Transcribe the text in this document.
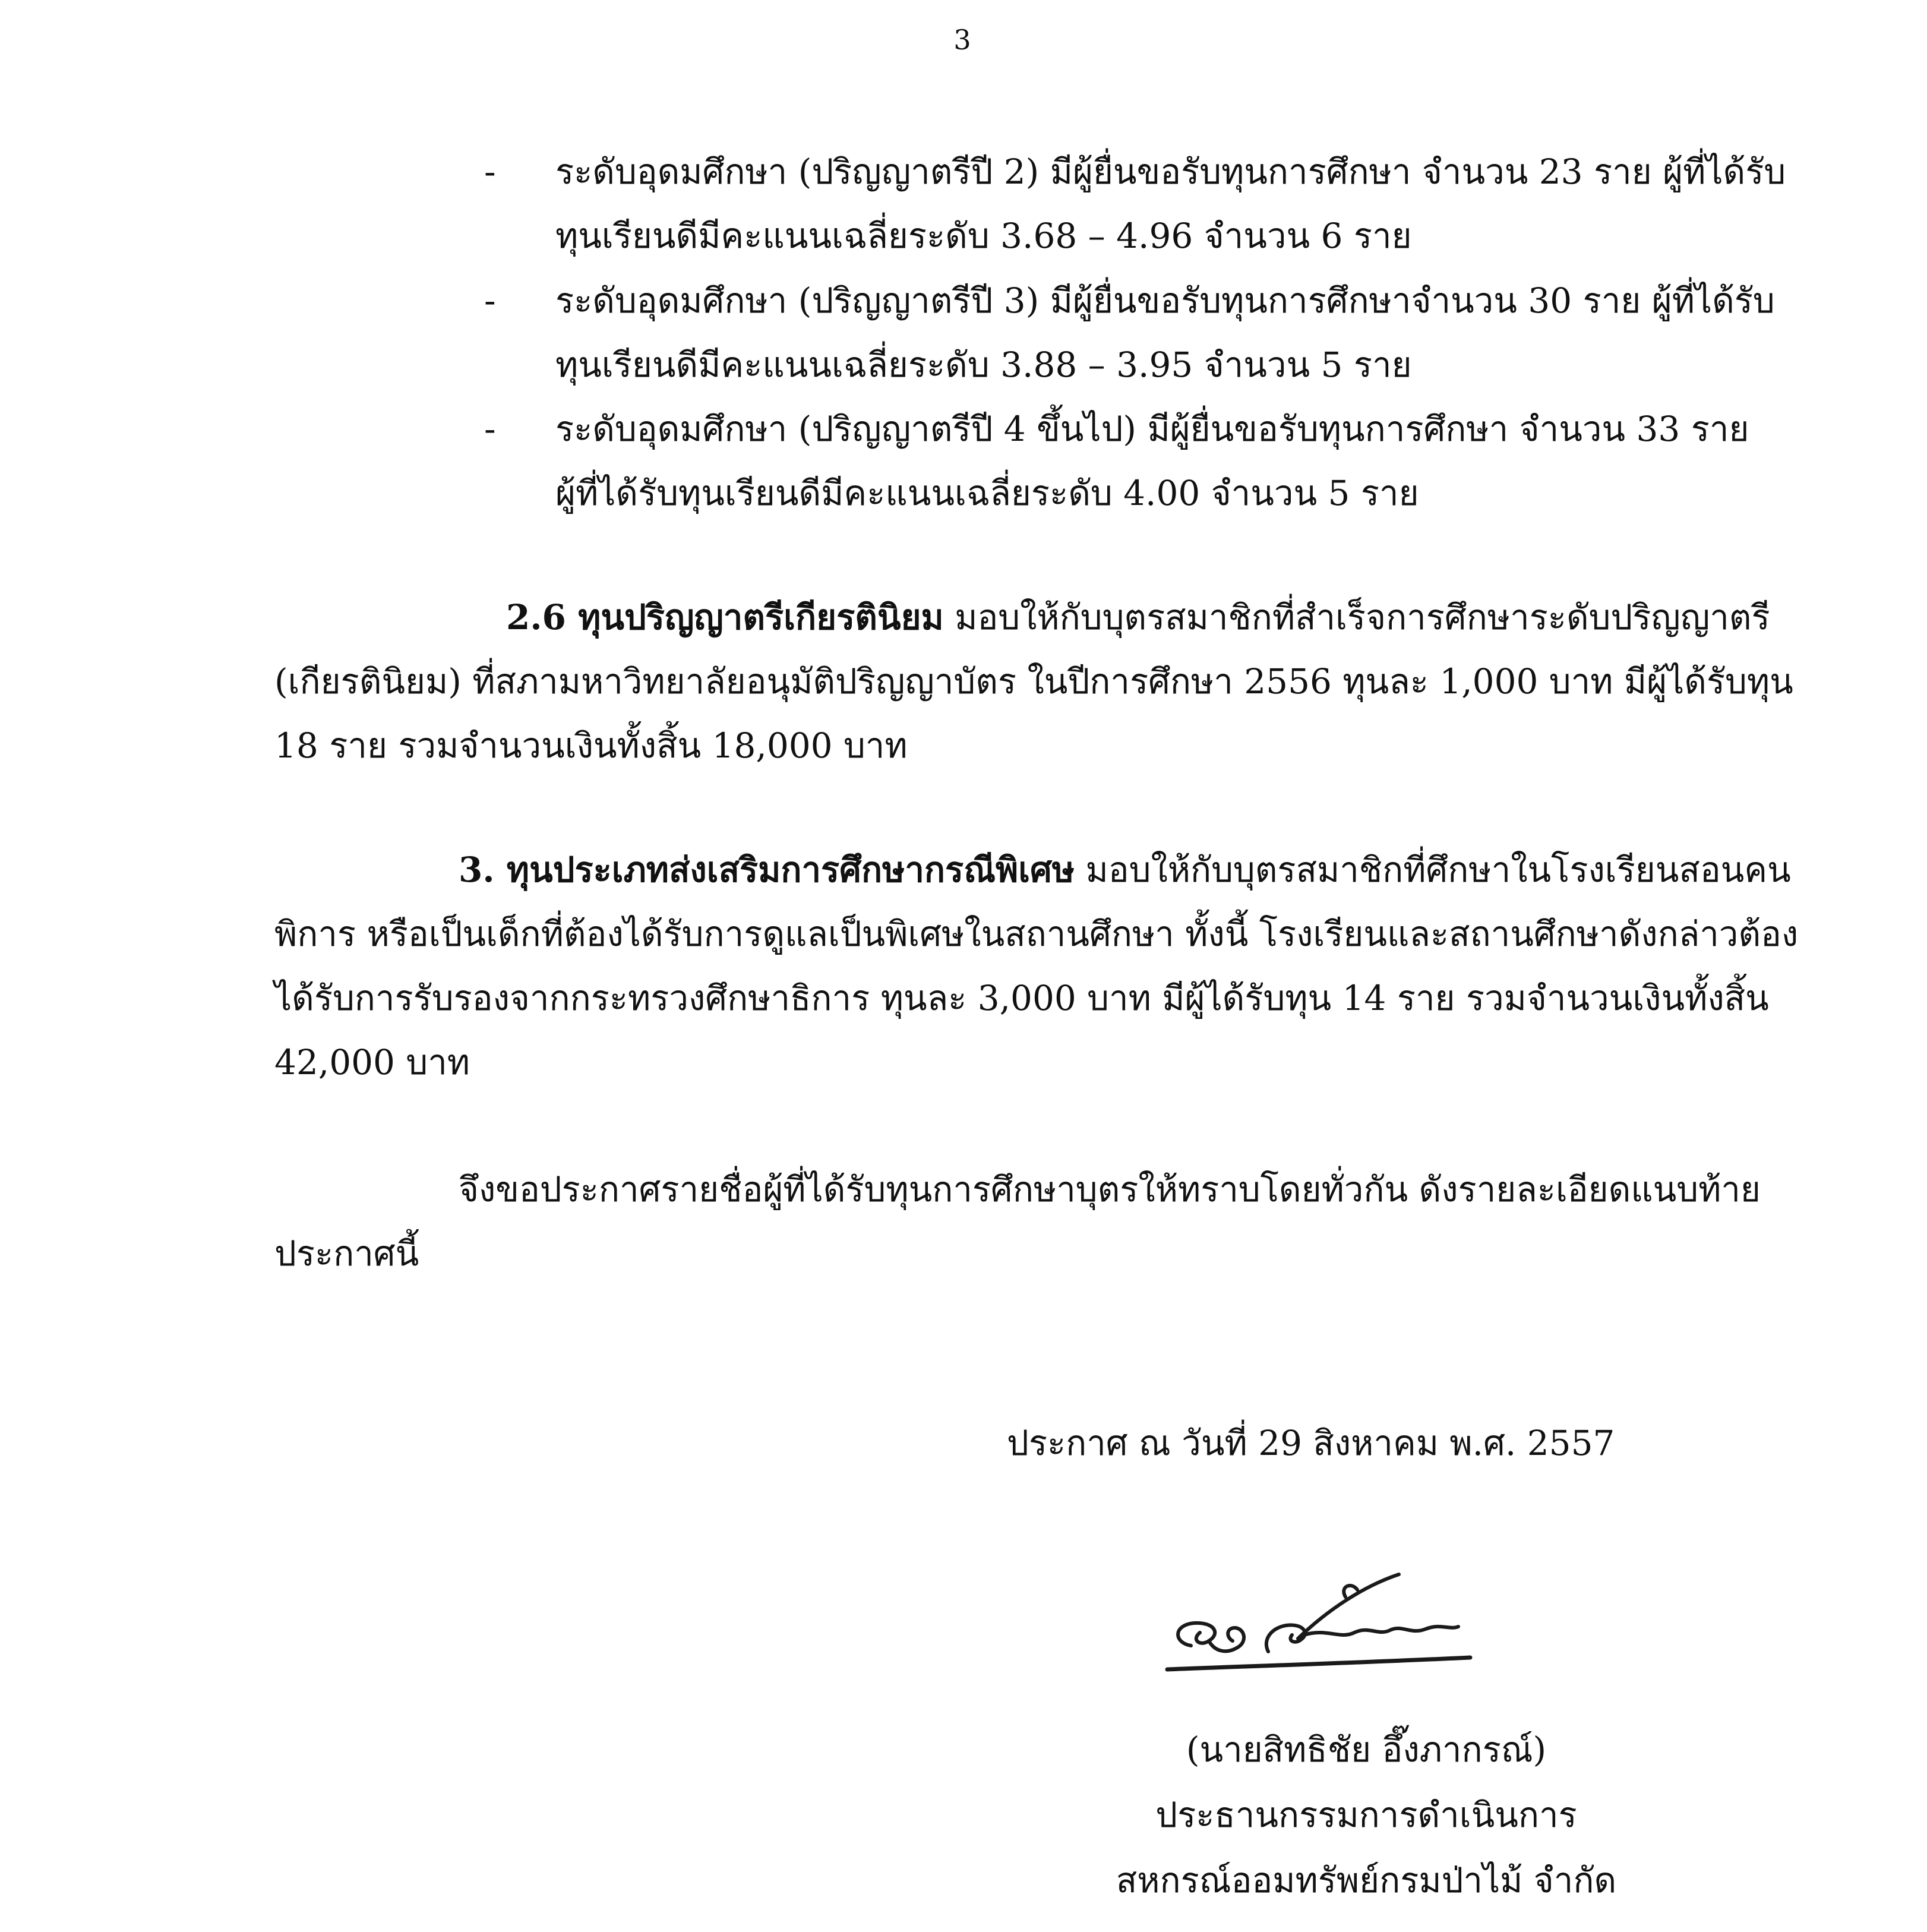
3
- ระดับอุดมศึกษา (ปริญญาตรีปี 2) มีผู้ยื่นขอรับทุนการศึกษา จำนวน 23 ราย ผู้ที่ได้รับ
ทุนเรียนดีมีคะแนนเฉลี่ยระดับ 3.68 – 4.96 จำนวน 6 ราย
- ระดับอุดมศึกษา (ปริญญาตรีปี 3) มีผู้ยื่นขอรับทุนการศึกษาจำนวน 30 ราย ผู้ที่ได้รับ
ทุนเรียนดีมีคะแนนเฉลี่ยระดับ 3.88 – 3.95 จำนวน 5 ราย
- ระดับอุดมศึกษา (ปริญญาตรีปี 4 ขึ้นไป) มีผู้ยื่นขอรับทุนการศึกษา จำนวน 33 ราย
ผู้ที่ได้รับทุนเรียนดีมีคะแนนเฉลี่ยระดับ 4.00 จำนวน 5 ราย
2.6 ทุนปริญญาตรีเกียรตินิยม มอบให้กับบุตรสมาชิกที่สำเร็จการศึกษาระดับปริญญาตรี
(เกียรตินิยม) ที่สภามหาวิทยาลัยอนุมัติปริญญาบัตร ในปีการศึกษา 2556 ทุนละ 1,000 บาท มีผู้ได้รับทุน
18 ราย รวมจำนวนเงินทั้งสิ้น 18,000 บาท
3. ทุนประเภทส่งเสริมการศึกษากรณีพิเศษ มอบให้กับบุตรสมาชิกที่ศึกษาในโรงเรียนสอนคน
พิการ หรือเป็นเด็กที่ต้องได้รับการดูแลเป็นพิเศษในสถานศึกษา ทั้งนี้ โรงเรียนและสถานศึกษาดังกล่าวต้อง
ได้รับการรับรองจากกระทรวงศึกษาธิการ ทุนละ 3,000 บาท มีผู้ได้รับทุน 14 ราย รวมจำนวนเงินทั้งสิ้น
42,000 บาท
จึงขอประกาศรายชื่อผู้ที่ได้รับทุนการศึกษาบุตรให้ทราบโดยทั่วกัน ดังรายละเอียดแนบท้าย
ประกาศนี้
ประกาศ ณ วันที่ 29 สิงหาคม พ.ศ. 2557
(นายสิทธิชัย อึ๊งภากรณ์)
ประธานกรรมการดำเนินการ
สหกรณ์ออมทรัพย์กรมป่าไม้ จำกัด
